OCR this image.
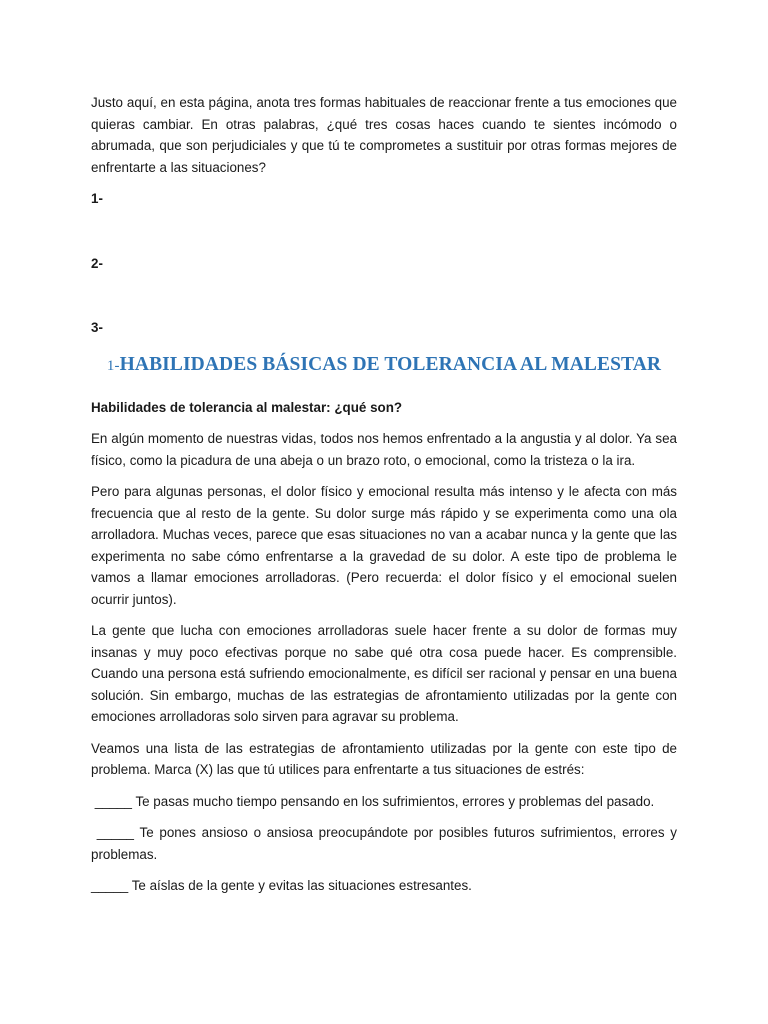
Justo aquí, en esta página, anota tres formas habituales de reaccionar frente a tus emociones que quieras cambiar. En otras palabras, ¿qué tres cosas haces cuando te sientes incómodo o abrumada, que son perjudiciales y que tú te comprometes a sustituir por otras formas mejores de enfrentarte a las situaciones?

1-
2-
3-
1-HABILIDADES BÁSICAS DE TOLERANCIA AL MALESTAR

Habilidades de tolerancia al malestar: ¿qué son?

En algún momento de nuestras vidas, todos nos hemos enfrentado a la angustia y al dolor. Ya sea físico, como la picadura de una abeja o un brazo roto, o emocional, como la tristeza o la ira.

Pero para algunas personas, el dolor físico y emocional resulta más intenso y le afecta con más frecuencia que al resto de la gente. Su dolor surge más rápido y se experimenta como una ola arrolladora. Muchas veces, parece que esas situaciones no van a acabar nunca y la gente que las experimenta no sabe cómo enfrentarse a la gravedad de su dolor. A este tipo de problema le vamos a llamar emociones arrolladoras. (Pero recuerda: el dolor físico y el emocional suelen ocurrir juntos).

La gente que lucha con emociones arrolladoras suele hacer frente a su dolor de formas muy insanas y muy poco efectivas porque no sabe qué otra cosa puede hacer. Es comprensible. Cuando una persona está sufriendo emocionalmente, es difícil ser racional y pensar en una buena solución. Sin embargo, muchas de las estrategias de afrontamiento utilizadas por la gente con emociones arrolladoras solo sirven para agravar su problema.

Veamos una lista de las estrategias de afrontamiento utilizadas por la gente con este tipo de problema. Marca (X) las que tú utilices para enfrentarte a tus situaciones de estrés:

_____ Te pasas mucho tiempo pensando en los sufrimientos, errores y problemas del pasado.

_____ Te pones ansioso o ansiosa preocupándote por posibles futuros sufrimientos, errores y problemas.

_____ Te aíslas de la gente y evitas las situaciones estresantes.
